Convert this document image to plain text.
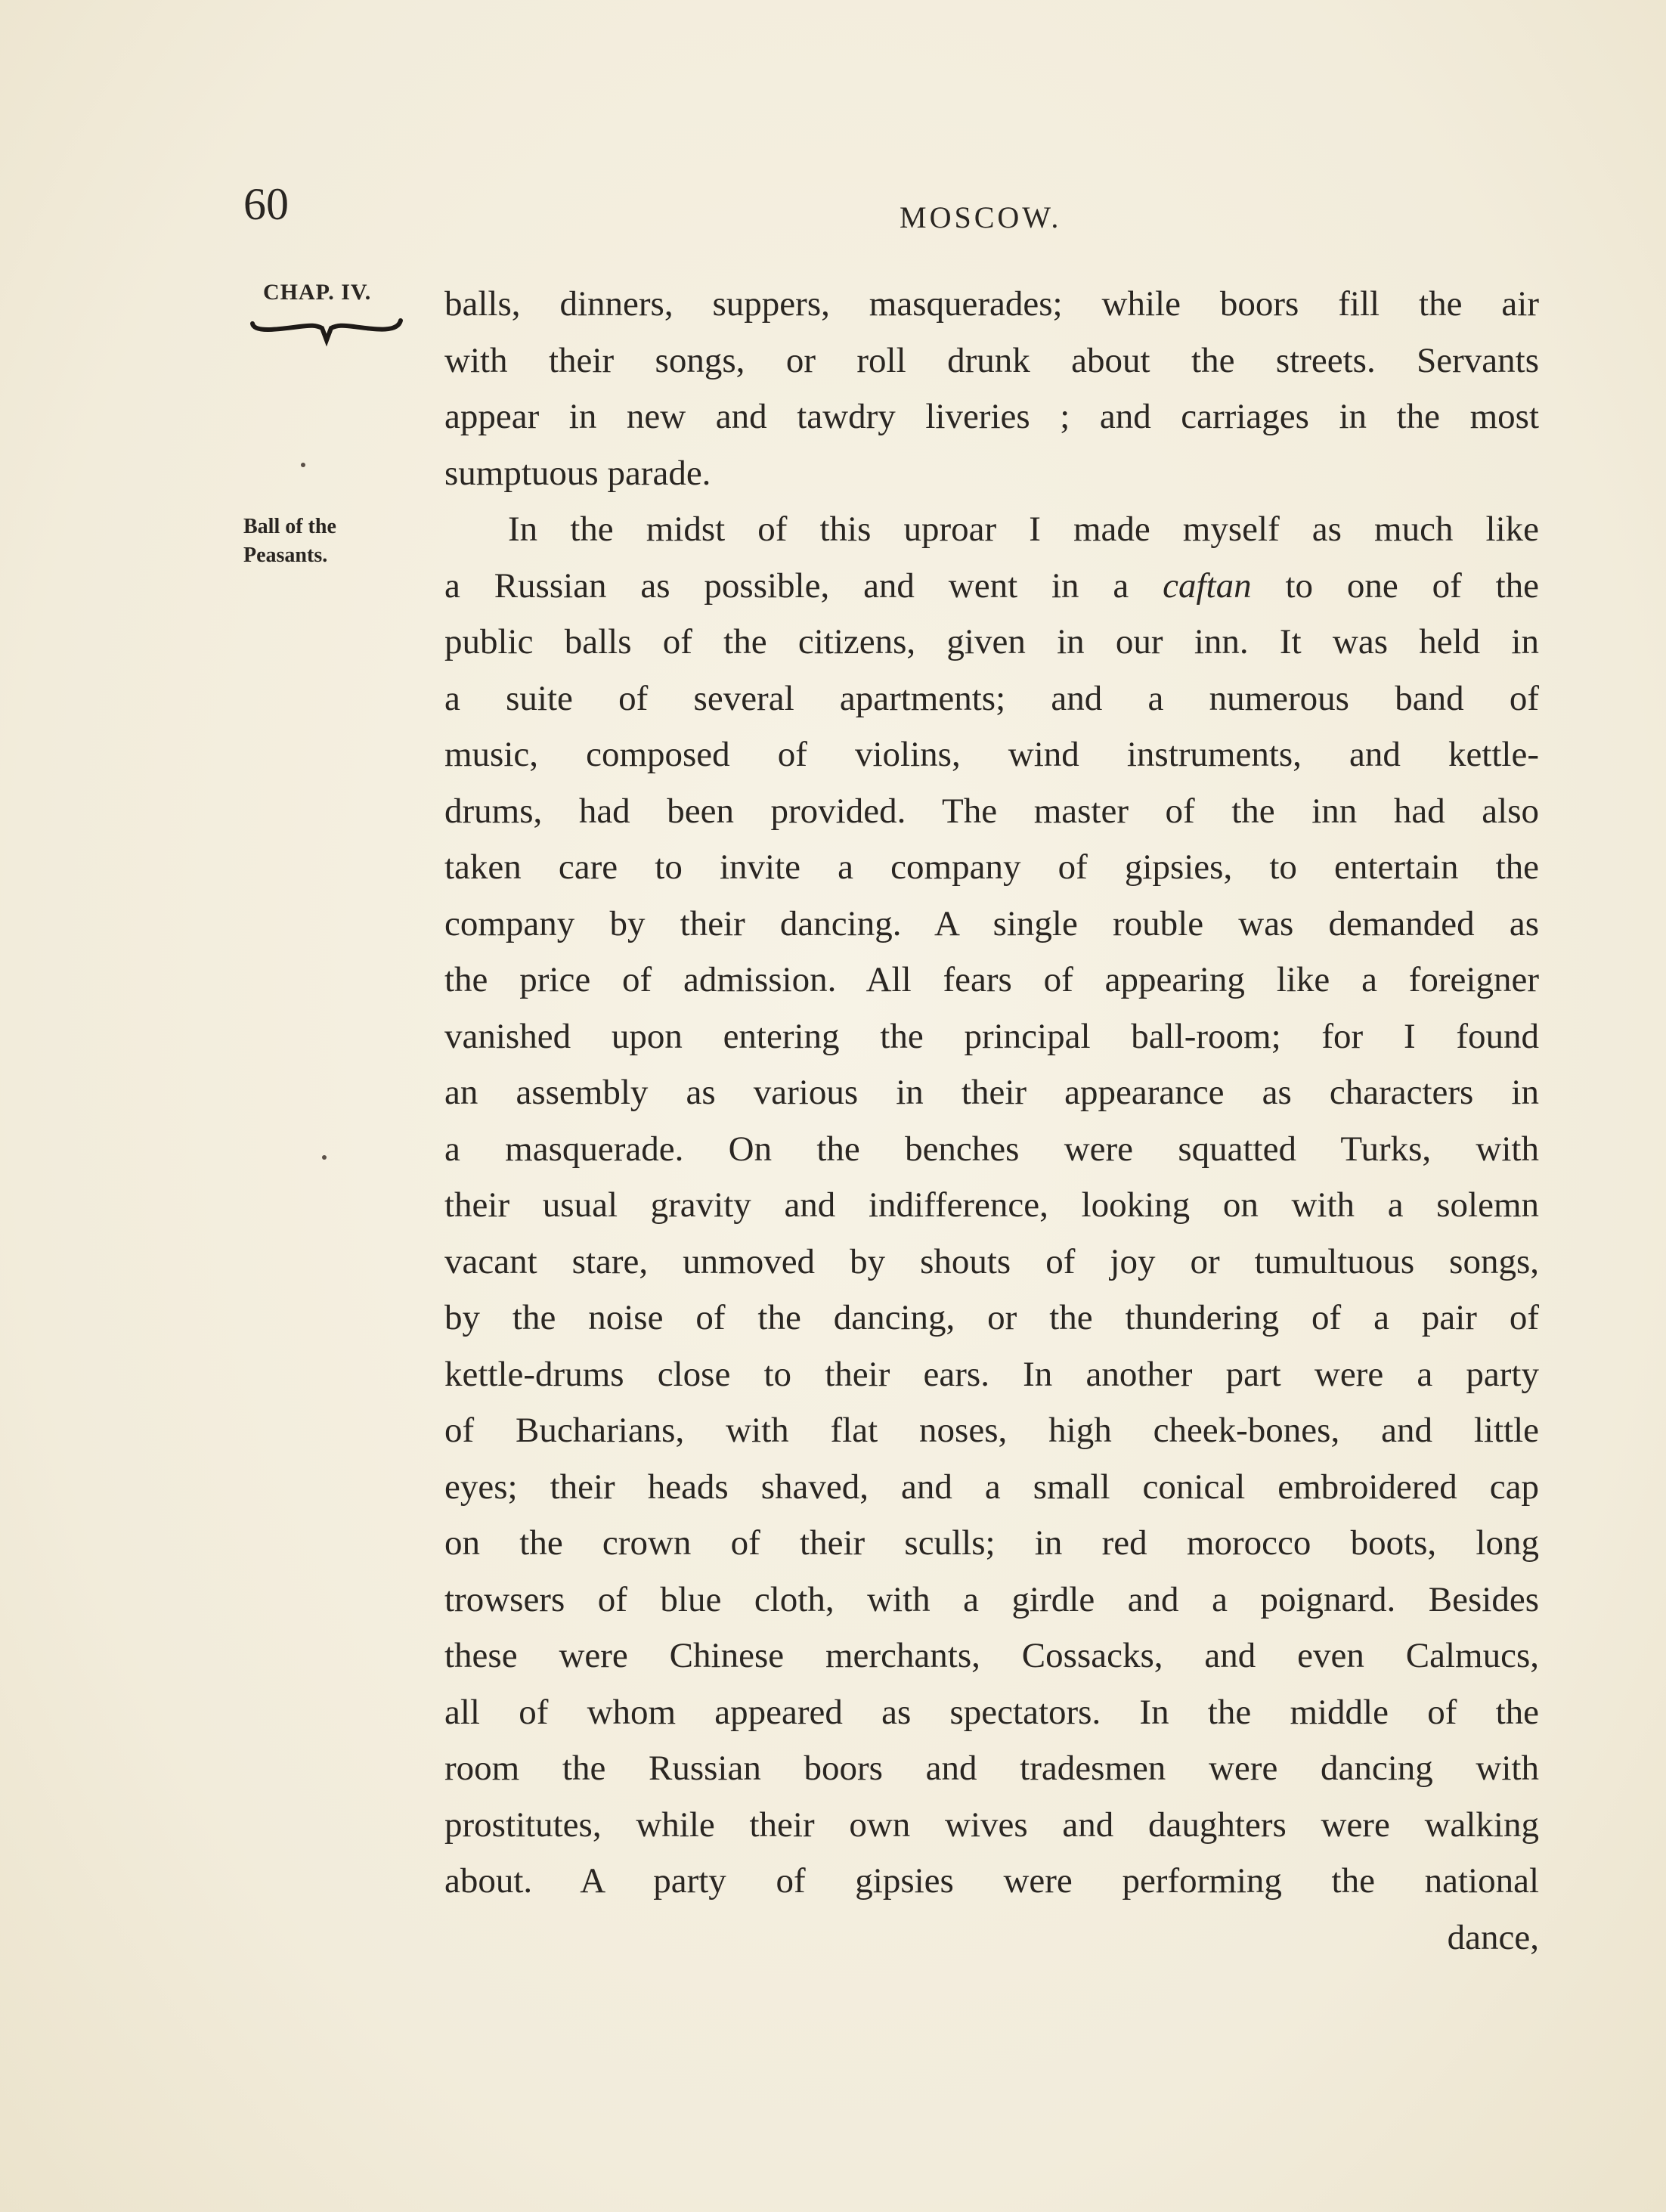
60	MOSCOW.
CHAP. IV.
Ball of the
Peasants.
balls, dinners, suppers, masquerades; while boors fill the air
with their songs, or roll drunk about the streets. Servants
appear in new and tawdry liveries ; and carriages in the most
sumptuous parade.
In the midst of this uproar I made myself as much like
a Russian as possible, and went in a caftan to one of the
public balls of the citizens, given in our inn. It was held in
a suite of several apartments; and a numerous band of
music, composed of violins, wind instruments, and kettle-
drums, had been provided. The master of the inn had also
taken care to invite a company of gipsies, to entertain the
company by their dancing. A single rouble was demanded as
the price of admission. All fears of appearing like a foreigner
vanished upon entering the principal ball-room; for I found
an assembly as various in their appearance as characters in
a masquerade. On the benches were squatted Turks, with
their usual gravity and indifference, looking on with a solemn
vacant stare, unmoved by shouts of joy or tumultuous songs,
by the noise of the dancing, or the thundering of a pair of
kettle-drums close to their ears. In another part were a party
of Bucharians, with flat noses, high cheek-bones, and little
eyes; their heads shaved, and a small conical embroidered cap
on the crown of their sculls; in red morocco boots, long
trowsers of blue cloth, with a girdle and a poignard. Besides
these were Chinese merchants, Cossacks, and even Calmucs,
all of whom appeared as spectators. In the middle of the
room the Russian boors and tradesmen were dancing with
prostitutes, while their own wives and daughters were walking
about. A party of gipsies were performing the national
dance,
